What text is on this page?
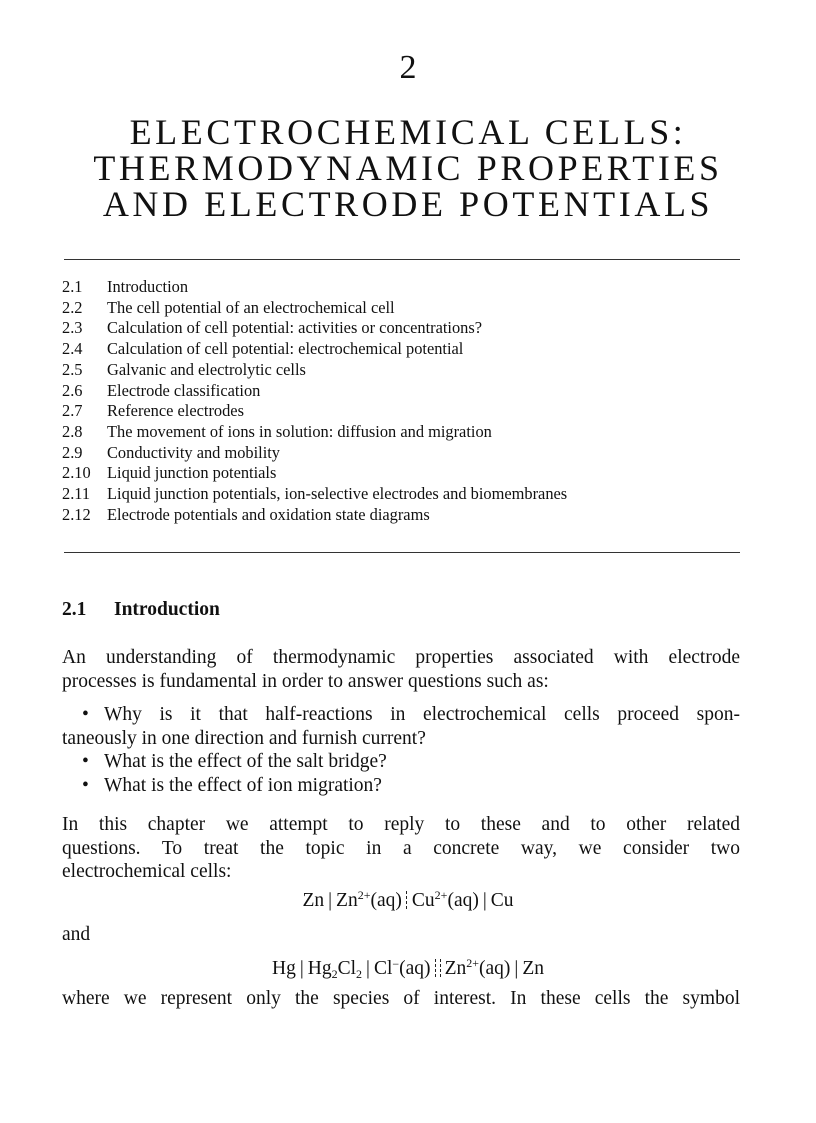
2
ELECTROCHEMICAL CELLS:
THERMODYNAMIC PROPERTIES
AND ELECTRODE POTENTIALS
2.1	Introduction
2.2	The cell potential of an electrochemical cell
2.3	Calculation of cell potential: activities or concentrations?
2.4	Calculation of cell potential: electrochemical potential
2.5	Galvanic and electrolytic cells
2.6	Electrode classification
2.7	Reference electrodes
2.8	The movement of ions in solution: diffusion and migration
2.9	Conductivity and mobility
2.10 Liquid junction potentials
2.11	Liquid junction potentials, ion-selective electrodes and biomembranes
2.12 Electrode potentials and oxidation state diagrams
2.1 Introduction
An understanding of thermodynamic properties associated with electrode
processes is fundamental in order to answer questions such as:
• Why is it that half-reactions in electrochemical cells proceed spon-
taneously in one direction and furnish current?
• What is the effect of the salt bridge?
• What is the effect of ion migration?
In this chapter we attempt to reply to these and to other related
questions. To treat the topic in a concrete way, we consider two
electrochemical cells:
Zn | $Zn^{2+}(aq)$ $Cu^{2+}(aq)$ | Cu
and
Hg | $Hg_2Cl_2$ | Cl−(aq) $Zn^{2+}(aq)$ | Zn
where we represent only the species of interest. In these cells the symbol
